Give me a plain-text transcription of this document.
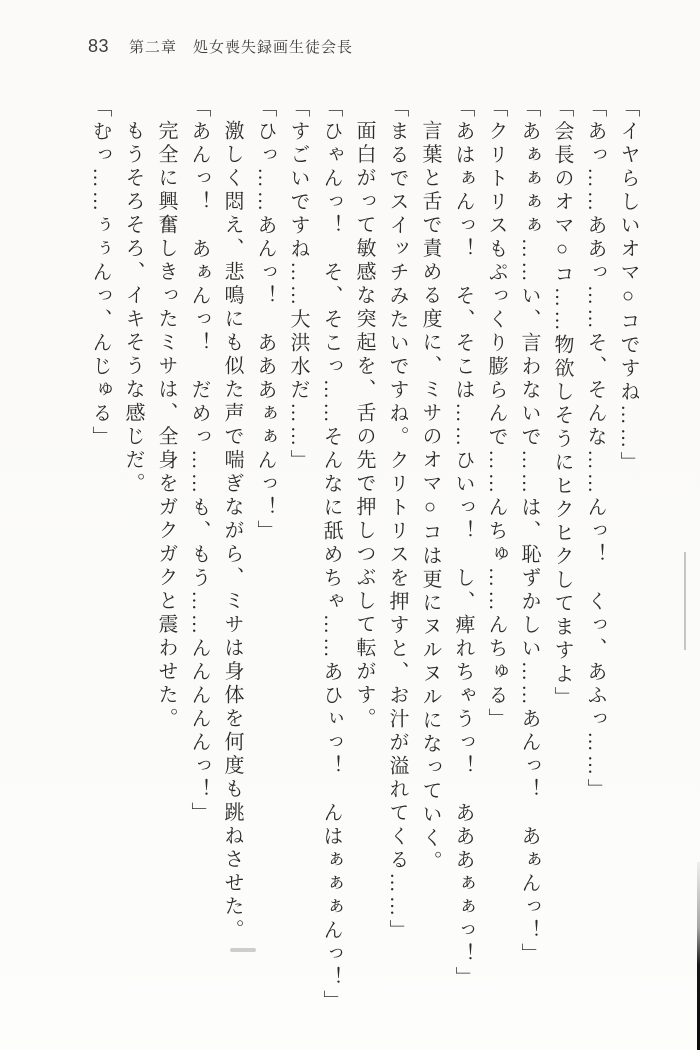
83 第二章　処女喪失録画生徒会長

「イヤらしいオマ○コですね……」

「あっ……ああっ……そ、そんな……んっ！　くっ、あふっ……」

「会長のオマ○コ……物欲しそうにヒクヒクしてますよ」

「あぁぁぁぁ……い、言わないで……は、恥ずかしい……あんっ！　あぁんっ！」

「クリトリスもぷっくり膨らんで……んちゅ……んちゅる」

「あはぁんっ！　そ、そこは……ひいっ！　し、痺れちゃうっ！　あああぁぁっ！」

言葉と舌で責める度に、ミサのオマ○コは更にヌルヌルになっていく。

「まるでスイッチみたいですね。クリトリスを押すと、お汁が溢れてくる……」

面白がって敏感な突起を、舌の先で押しつぶして転がす。

「ひゃんっ！　そ、そこっ……そんなに舐めちゃ……あひぃっ！　んはぁぁぁんっ！」

「すごいですね……大洪水だ……」

「ひっ……あんっ！　あああぁぁんっ！」

激しく悶え、悲鳴にも似た声で喘ぎながら、ミサは身体を何度も跳ねさせた。

「あんっ！　あぁんっ！　だめっ……も、もう……んんんんんっ！」

完全に興奮しきったミサは、全身をガクガクと震わせた。

もうそろそろ、イキそうな感じだ。

「むっ……ぅぅんっ、んじゅる」
